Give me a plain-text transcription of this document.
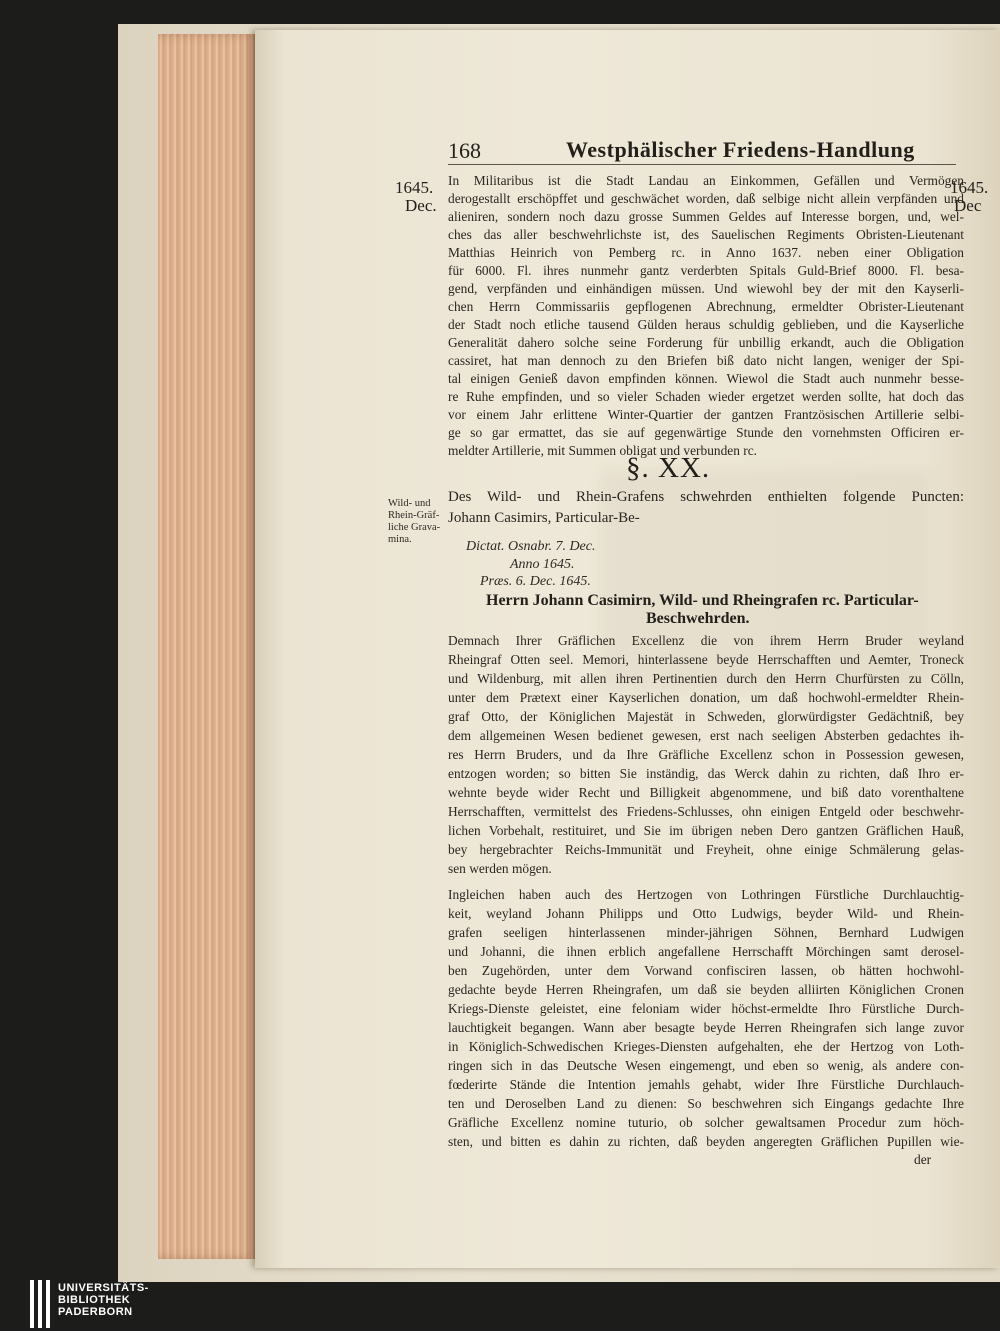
168	Westphälischer Friedens-Handlung
1645.
Dec.
1645.
Dec
In Militaribus ist die Stadt Landau an Einkommen, Gefällen und Vermögen
derogestallt erschöpffet und geschwächet worden, daß selbige nicht allein verpfänden und
alieniren, sondern noch dazu grosse Summen Geldes auf Interesse borgen, und, wel-
ches das aller beschwehrlichste ist, des Sauelischen Regiments Obristen-Lieutenant
Matthias Heinrich von Pemberg rc. in Anno 1637. neben einer Obligation
für 6000. Fl. ihres nunmehr gantz verderbten Spitals Guld-Brief 8000. Fl. besa-
gend, verpfänden und einhändigen müssen. Und wiewohl bey der mit den Kayserli-
chen Herrn Commissariis gepflogenen Abrechnung, ermeldter Obrister-Lieutenant
der Stadt noch etliche tausend Gülden heraus schuldig geblieben, und die Kayserliche
Generalität dahero solche seine Forderung für unbillig erkandt, auch die Obligation
cassiret, hat man dennoch zu den Briefen biß dato nicht langen, weniger der Spi-
tal einigen Genieß davon empfinden können. Wiewol die Stadt auch nunmehr besse-
re Ruhe empfinden, und so vieler Schaden wieder ergetzet werden sollte, hat doch das
vor einem Jahr erlittene Winter-Quartier der gantzen Frantzösischen Artillerie selbi-
ge so gar ermattet, das sie auf gegenwärtige Stunde den vornehmsten Officiren er-
meldter Artillerie, mit Summen obligat und verbunden rc.
§. XX.
Wild- und
Rhein-Gräf-
liche Grava-
mina.
Des Wild- und Rhein-Grafens schwehrden enthielten folgende Puncten:
Johann Casimirs, Particular-Be-
Dictat. Osnabr. 7. Dec.
Anno 1645.
Præs. 6. Dec. 1645.
Herrn Johann Casimirn, Wild- und Rheingrafen rc. Particular-
Beschwehrden.
Demnach Ihrer Gräflichen Excellenz die von ihrem Herrn Bruder weyland
Rheingraf Otten seel. Memori, hinterlassene beyde Herrschafften und Aemter, Troneck
und Wildenburg, mit allen ihren Pertinentien durch den Herrn Churfürsten zu Cölln,
unter dem Prætext einer Kayserlichen donation, um daß hochwohl-ermeldter Rhein-
graf Otto, der Königlichen Majestät in Schweden, glorwürdigster Gedächtniß, bey
dem allgemeinen Wesen bedienet gewesen, erst nach seeligen Absterben gedachtes ih-
res Herrn Bruders, und da Ihre Gräfliche Excellenz schon in Possession gewesen,
entzogen worden; so bitten Sie inständig, das Werck dahin zu richten, daß Ihro er-
wehnte beyde wider Recht und Billigkeit abgenommene, und biß dato vorenthaltene
Herrschafften, vermittelst des Friedens-Schlusses, ohn einigen Entgeld oder beschwehr-
lichen Vorbehalt, restituiret, und Sie im übrigen neben Dero gantzen Gräflichen Hauß,
bey hergebrachter Reichs-Immunität und Freyheit, ohne einige Schmälerung gelas-
sen werden mögen.
Ingleichen haben auch des Hertzogen von Lothringen Fürstliche Durchlauchtig-
keit, weyland Johann Philipps und Otto Ludwigs, beyder Wild- und Rhein-
grafen seeligen hinterlassenen minder-jährigen Söhnen, Bernhard Ludwigen
und Johanni, die ihnen erblich angefallene Herrschafft Mörchingen samt derosel-
ben Zugehörden, unter dem Vorwand confisciren lassen, ob hätten hochwohl-
gedachte beyde Herren Rheingrafen, um daß sie beyden alliirten Königlichen Cronen
Kriegs-Dienste geleistet, eine feloniam wider höchst-ermeldte Ihro Fürstliche Durch-
lauchtigkeit begangen. Wann aber besagte beyde Herren Rheingrafen sich lange zuvor
in Königlich-Schwedischen Krieges-Diensten aufgehalten, ehe der Hertzog von Loth-
ringen sich in das Deutsche Wesen eingemengt, und eben so wenig, als andere con-
fœderirte Stände die Intention jemahls gehabt, wider Ihre Fürstliche Durchlauch-
ten und Deroselben Land zu dienen: So beschwehren sich Eingangs gedachte Ihre
Gräfliche Excellenz nomine tuturio, ob solcher gewaltsamen Procedur zum höch-
sten, und bitten es dahin zu richten, daß beyden angeregten Gräflichen Pupillen wie-
der
UNIVERSITÄTS-
BIBLIOTHEK
PADERBORN
